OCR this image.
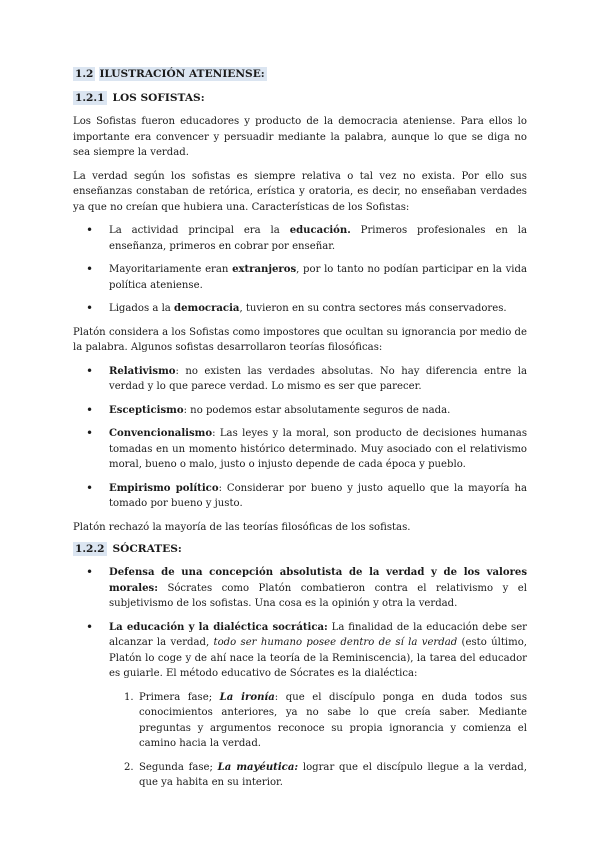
1.2 ILUSTRACIÓN ATENIENSE:
1.2.1 LOS SOFISTAS:

Los Sofistas fueron educadores y producto de la democracia ateniense. Para ellos lo importante era convencer y persuadir mediante la palabra, aunque lo que se diga no sea siempre la verdad.

La verdad según los sofistas es siempre relativa o tal vez no exista. Por ello sus enseñanzas constaban de retórica, erística y oratoria, es decir, no enseñaban verdades ya que no creían que hubiera una. Características de los Sofistas:

• La actividad principal era la educación. Primeros profesionales en la enseñanza, primeros en cobrar por enseñar.
• Mayoritariamente eran extranjeros, por lo tanto no podían participar en la vida política ateniense.
• Ligados a la democracia, tuvieron en su contra sectores más conservadores.

Platón considera a los Sofistas como impostores que ocultan su ignorancia por medio de la palabra. Algunos sofistas desarrollaron teorías filosóficas:

• Relativismo: no existen las verdades absolutas. No hay diferencia entre la verdad y lo que parece verdad. Lo mismo es ser que parecer.
• Escepticismo: no podemos estar absolutamente seguros de nada.
• Convencionalismo: Las leyes y la moral, son producto de decisiones humanas tomadas en un momento histórico determinado. Muy asociado con el relativismo moral, bueno o malo, justo o injusto depende de cada época y pueblo.
• Empirismo político: Considerar por bueno y justo aquello que la mayoría ha tomado por bueno y justo.

Platón rechazó la mayoría de las teorías filosóficas de los sofistas.

1.2.2 SÓCRATES:
• Defensa de una concepción absolutista de la verdad y de los valores morales: Sócrates como Platón combatieron contra el relativismo y el subjetivismo de los sofistas. Una cosa es la opinión y otra la verdad.
• La educación y la dialéctica socrática: La finalidad de la educación debe ser alcanzar la verdad, todo ser humano posee dentro de sí la verdad (esto último, Platón lo coge y de ahí nace la teoría de la Reminiscencia), la tarea del educador es guiarle. El método educativo de Sócrates es la dialéctica:
1. Primera fase; La ironía: que el discípulo ponga en duda todos sus conocimientos anteriores, ya no sabe lo que creía saber. Mediante preguntas y argumentos reconoce su propia ignorancia y comienza el camino hacia la verdad.
2. Segunda fase; La mayéutica: lograr que el discípulo llegue a la verdad, que ya habita en su interior.
